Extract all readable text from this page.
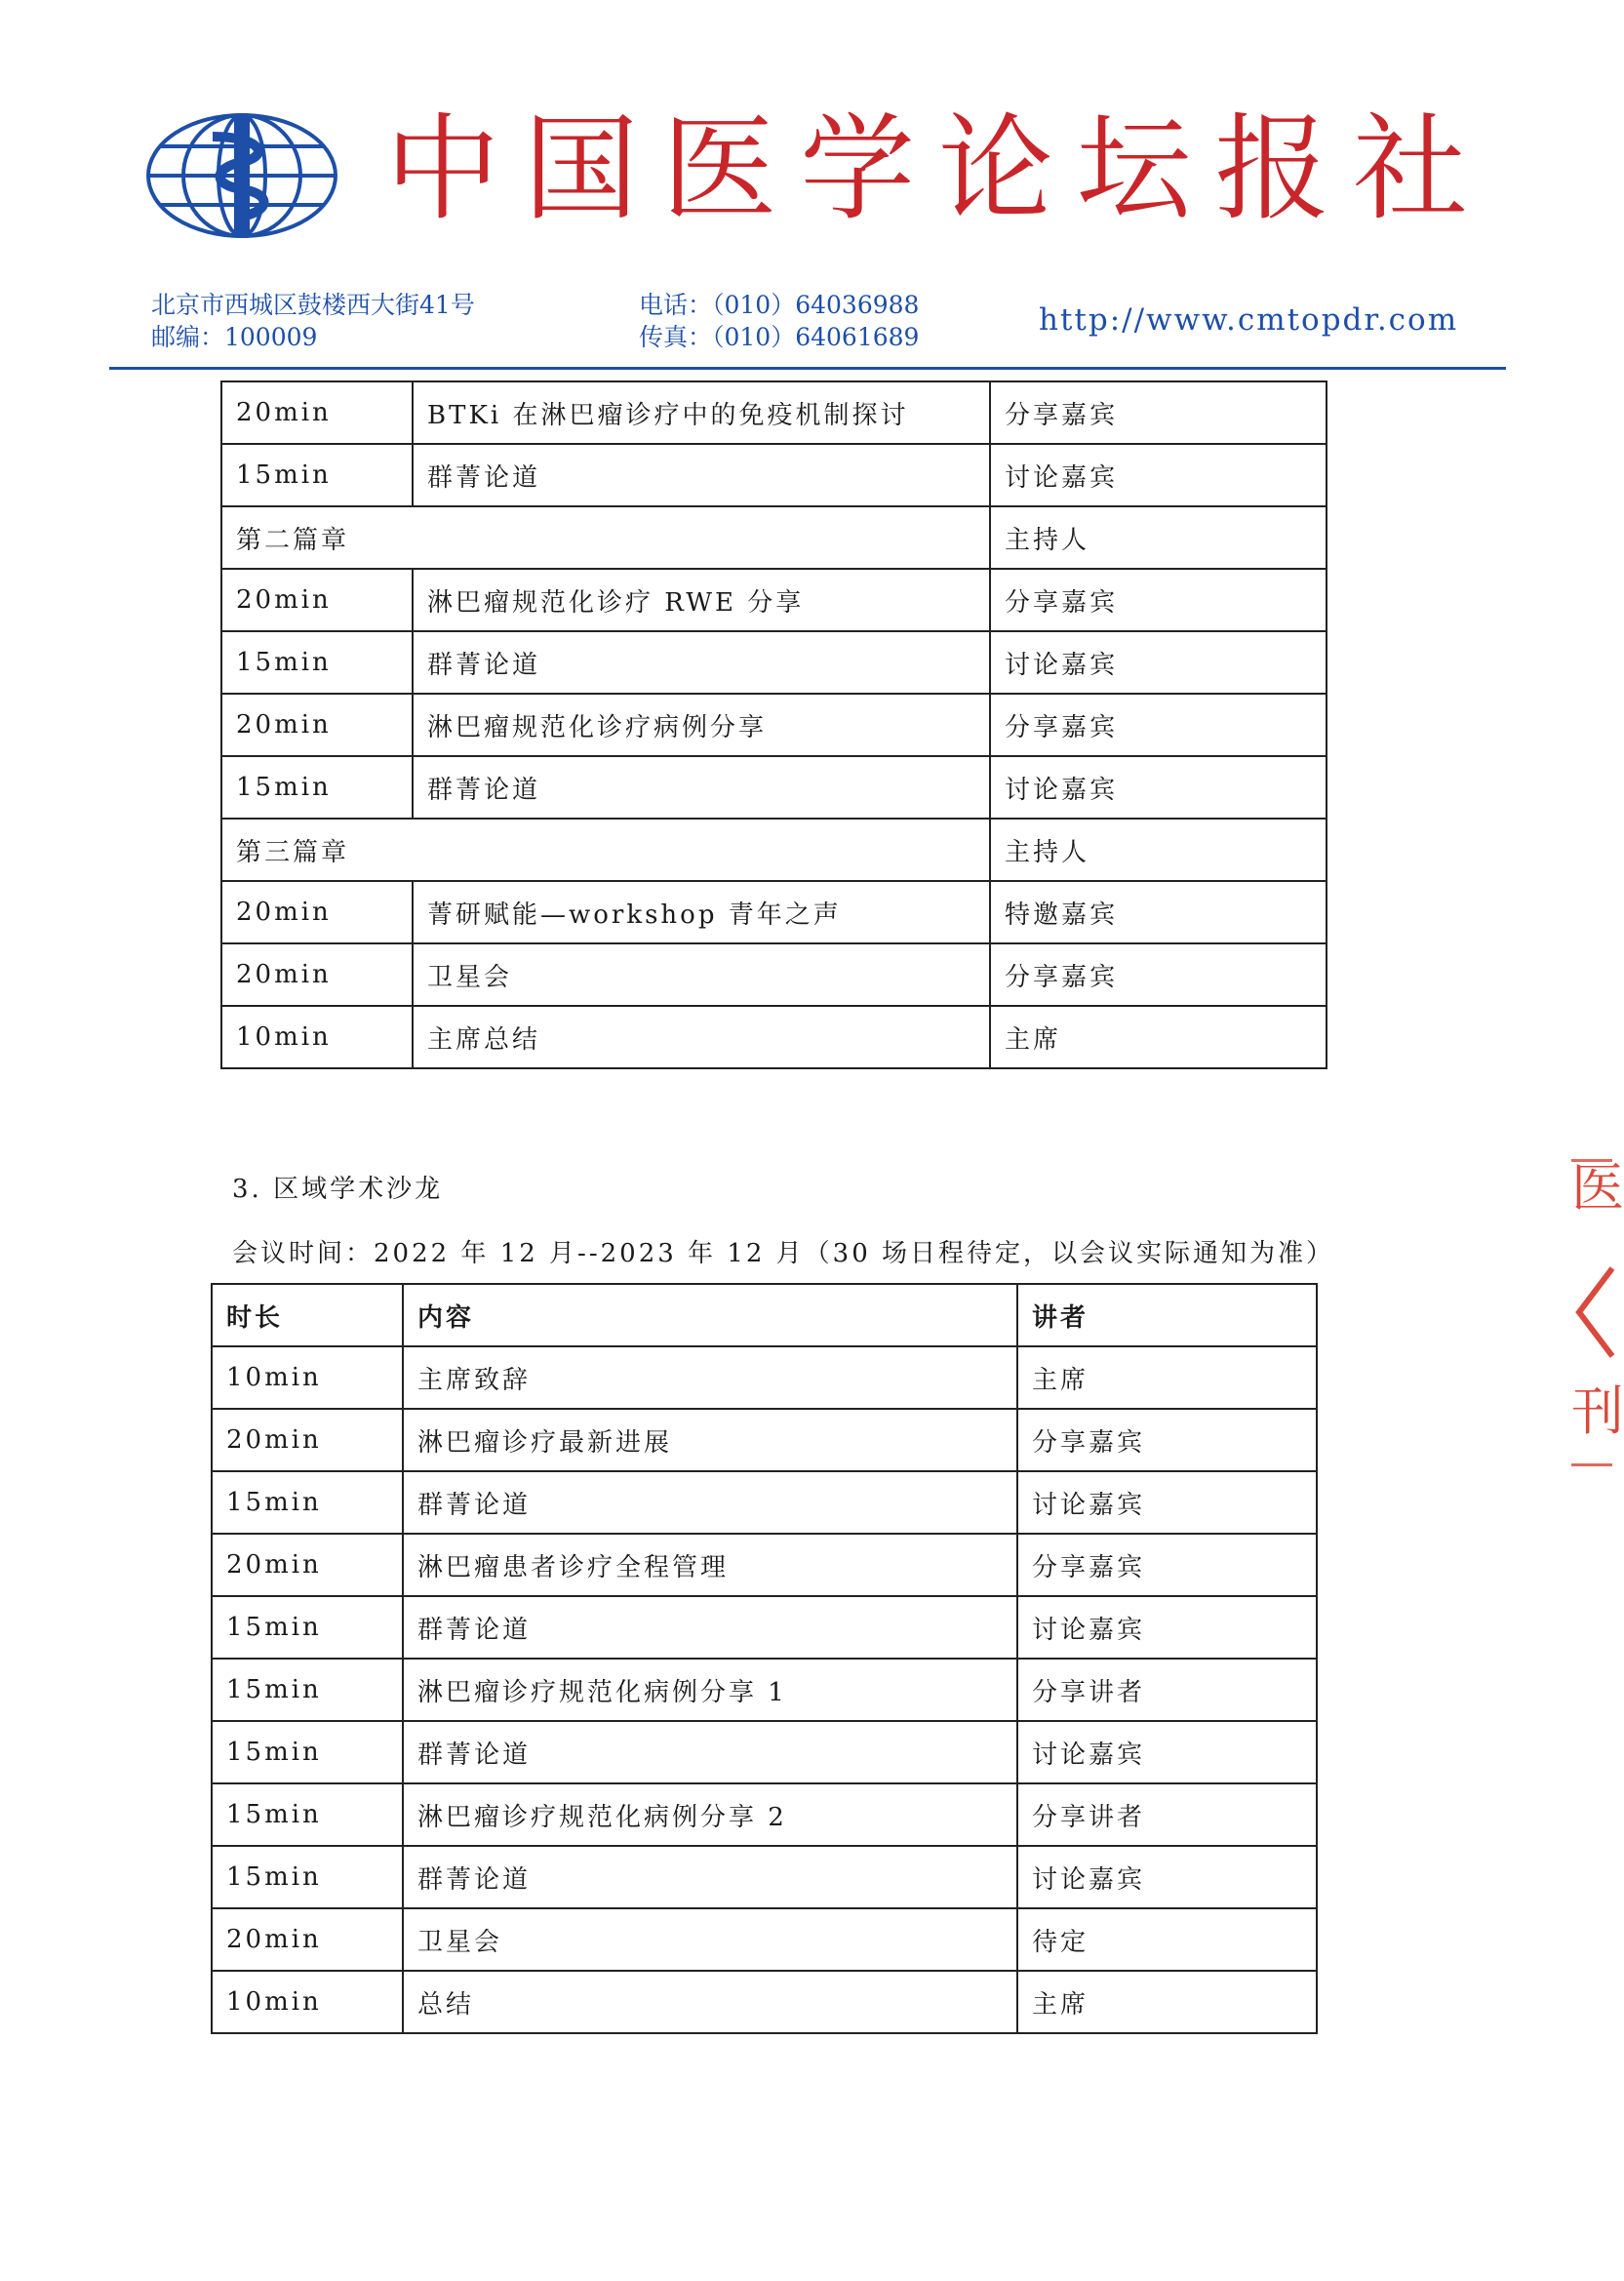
中 国 医 学 论 坛 报 社
北京市西城区鼓楼西大街41号
邮编：100009
电话：（010）64036988
传真：（010）64061689	http://www.cmtopdr.com
20min	BTKi 在淋巴瘤诊疗中的免疫机制探讨	分享嘉宾
15min	群菁论道	讨论嘉宾
第二篇章		主持人
20min	淋巴瘤规范化诊疗 RWE 分享	分享嘉宾
15min	群菁论道	讨论嘉宾
20min	淋巴瘤规范化诊疗病例分享	分享嘉宾
15min	群菁论道	讨论嘉宾
第三篇章		主持人
20min	菁研赋能—workshop 青年之声	特邀嘉宾
20min	卫星会	分享嘉宾
10min	主席总结	主席
3. 区域学术沙龙
会议时间：2022 年 12 月--2023 年 12 月（30 场日程待定，以会议实际通知为准）
时长	内容	讲者
10min	主席致辞	主席
20min	淋巴瘤诊疗最新进展	分享嘉宾
15min	群菁论道	讨论嘉宾
20min	淋巴瘤患者诊疗全程管理	分享嘉宾
15min	群菁论道	讨论嘉宾
15min	淋巴瘤诊疗规范化病例分享 1	分享讲者
15min	群菁论道	讨论嘉宾
15min	淋巴瘤诊疗规范化病例分享 2	分享讲者
15min	群菁论道	讨论嘉宾
20min	卫星会	待定
10min	总结	主席
医
刊
